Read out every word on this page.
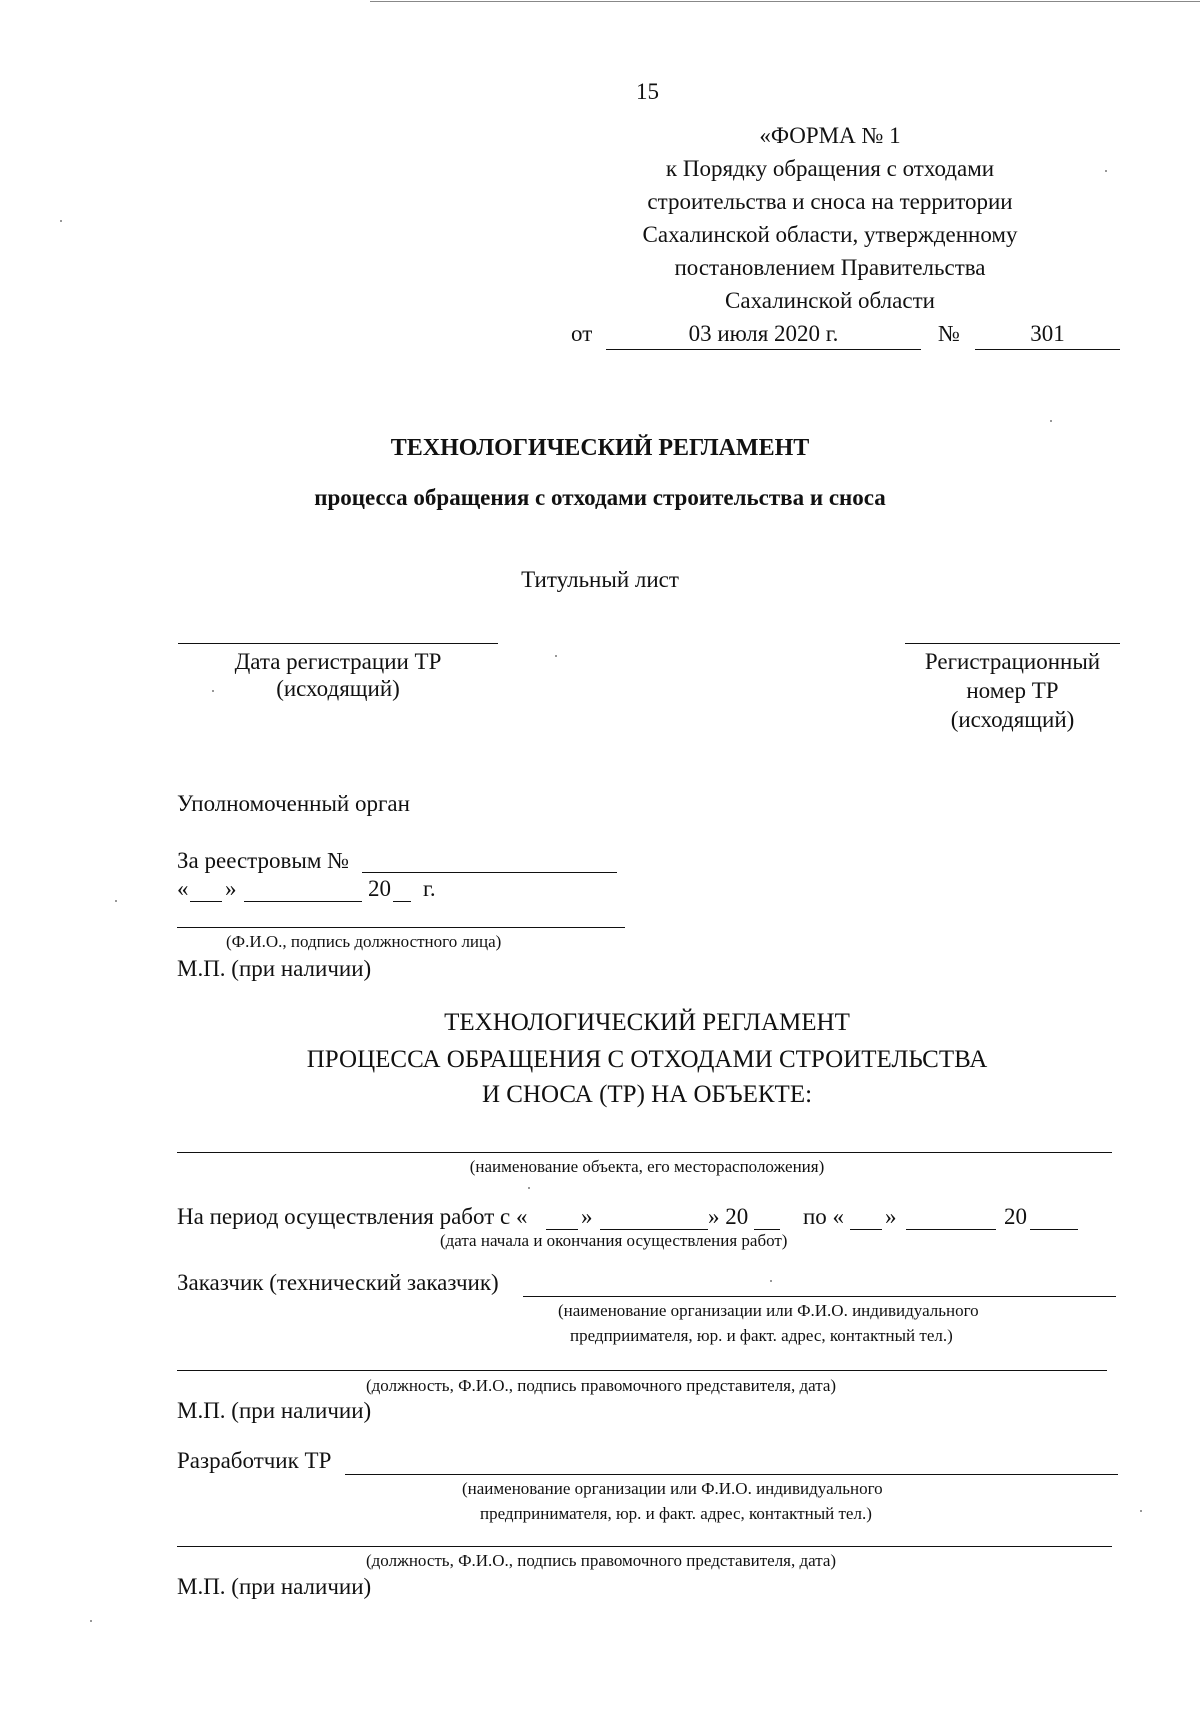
15
«ФОРМА № 1
к Порядку обращения с отходами
строительства и сноса на территории
Сахалинской области, утвержденному
постановлением Правительства
Сахалинской области
от	03 июля 2020 г.	№	301
ТЕХНОЛОГИЧЕСКИЙ РЕГЛАМЕНТ
процесса обращения с отходами строительства и сноса
Титульный лист
Дата регистрации ТР
(исходящий)
Регистрационный
номер ТР
(исходящий)
Уполномоченный орган
За реестровым №
« »	20 г.
(Ф.И.О., подпись должностного лица)
М.П. (при наличии)
ТЕХНОЛОГИЧЕСКИЙ РЕГЛАМЕНТ
ПРОЦЕССА ОБРАЩЕНИЯ С ОТХОДАМИ СТРОИТЕЛЬСТВА
И СНОСА (ТР) НА ОБЪЕКТЕ:
(наименование объекта, его месторасположения)
На период осуществления работ с « »	» 20 по « »	20
(дата начала и окончания осуществления работ)
Заказчик (технический заказчик)
(наименование организации или Ф.И.О. индивидуального
предприимателя, юр. и факт. адрес, контактный тел.)
(должность, Ф.И.О., подпись правомочного представителя, дата)
М.П. (при наличии)
Разработчик ТР
(наименование организации или Ф.И.О. индивидуального
предпринимателя, юр. и факт. адрес, контактный тел.)
(должность, Ф.И.О., подпись правомочного представителя, дата)
М.П. (при наличии)
